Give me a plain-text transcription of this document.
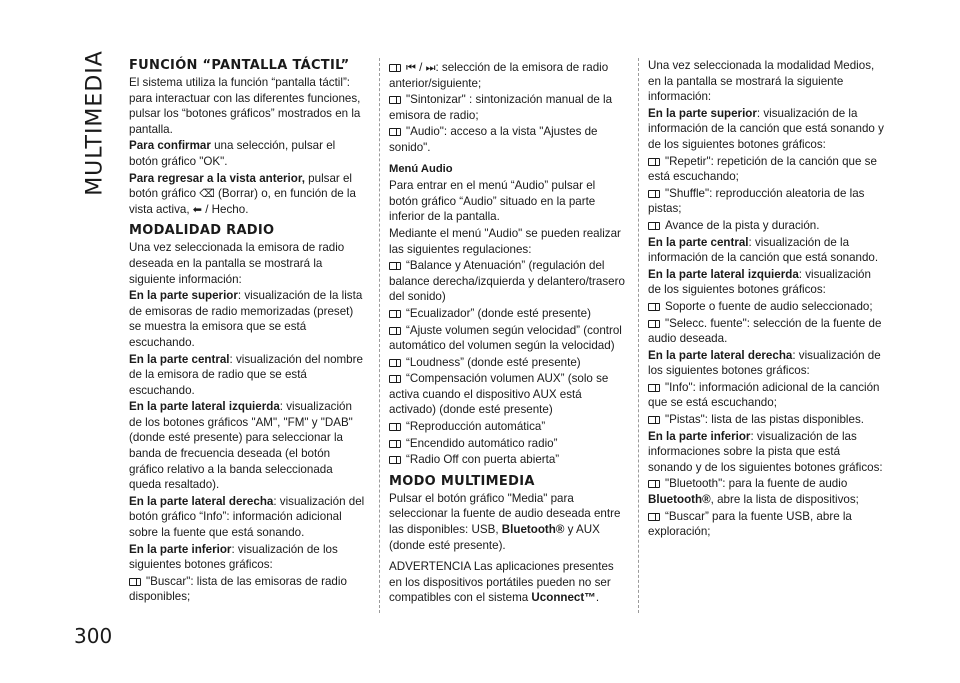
MULTIMEDIA
300
FUNCIÓN “PANTALLA TÁCTIL”

El sistema utiliza la función “pantalla táctil”: para interactuar con las diferentes funciones, pulsar los “botones gráficos” mostrados en la pantalla.

Para confirmar una selección, pulsar el botón gráfico "OK".

Para regresar a la vista anterior, pulsar el botón gráfico ⌫ (Borrar) o, en función de la vista activa, ⬅ / Hecho.

MODALIDAD RADIO

Una vez seleccionada la emisora de radio deseada en la pantalla se mostrará la siguiente información:

En la parte superior: visualización de la lista de emisoras de radio memorizadas (preset) se muestra la emisora que se está escuchando.

En la parte central: visualización del nombre de la emisora de radio que se está escuchando.

En la parte lateral izquierda: visualización de los botones gráficos "AM", "FM" y "DAB" (donde esté presente) para seleccionar la banda de frecuencia deseada (el botón gráfico relativo a la banda seleccionada queda resaltado).

En la parte lateral derecha: visualización del botón gráfico “Info”: información adicional sobre la fuente que está sonando.

En la parte inferior: visualización de los siguientes botones gráficos:

"Buscar": lista de las emisoras de radio disponibles;

⏮ / ⏭: selección de la emisora de radio anterior/siguiente;

"Sintonizar" : sintonización manual de la emisora de radio;

"Audio": acceso a la vista "Ajustes de sonido".

Menú Audio

Para entrar en el menú “Audio” pulsar el botón gráfico “Audio” situado en la parte inferior de la pantalla.

Mediante el menú "Audio" se pueden realizar las siguientes regulaciones:

“Balance y Atenuación” (regulación del balance derecha/izquierda y delantero/trasero del sonido)

“Ecualizador” (donde esté presente)

“Ajuste volumen según velocidad” (control automático del volumen según la velocidad)

“Loudness” (donde esté presente)

“Compensación volumen AUX” (solo se activa cuando el dispositivo AUX está activado) (donde esté presente)

“Reproducción automática”

“Encendido automático radio”

“Radio Off con puerta abierta”

MODO MULTIMEDIA

Pulsar el botón gráfico "Media" para seleccionar la fuente de audio deseada entre las disponibles: USB, Bluetooth® y AUX (donde esté presente).

ADVERTENCIA Las aplicaciones presentes en los dispositivos portátiles pueden no ser compatibles con el sistema Uconnect™.

Una vez seleccionada la modalidad Medios, en la pantalla se mostrará la siguiente información:

En la parte superior: visualización de la información de la canción que está sonando y de los siguientes botones gráficos:

"Repetir": repetición de la canción que se está escuchando;

"Shuffle": reproducción aleatoria de las pistas;

Avance de la pista y duración.

En la parte central: visualización de la información de la canción que está sonando.

En la parte lateral izquierda: visualización de los siguientes botones gráficos:

Soporte o fuente de audio seleccionado;

"Selecc. fuente": selección de la fuente de audio deseada.

En la parte lateral derecha: visualización de los siguientes botones gráficos:

"Info": información adicional de la canción que se está escuchando;

"Pistas": lista de las pistas disponibles.

En la parte inferior: visualización de las informaciones sobre la pista que está sonando y de los siguientes botones gráficos:

"Bluetooth": para la fuente de audio Bluetooth®, abre la lista de dispositivos;

“Buscar” para la fuente USB, abre la exploración;
